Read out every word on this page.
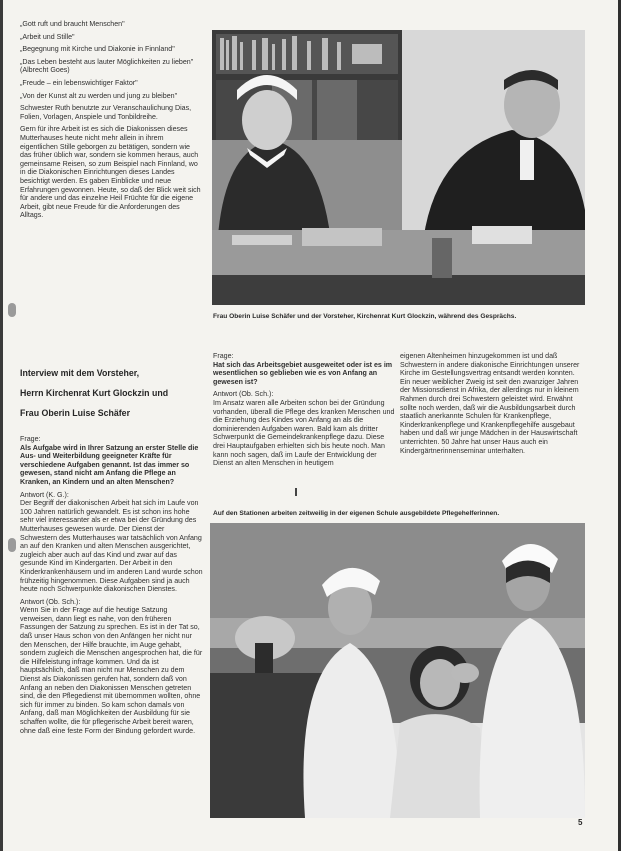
„Gott ruft und braucht Menschen"

„Arbeit und Stille"

„Begegnung mit Kirche und Diakonie in Finnland"

„Das Leben besteht aus lauter Möglichkeiten zu lieben" (Albrecht Goes)

„Freude – ein lebenswichtiger Faktor"

„Von der Kunst alt zu werden und jung zu bleiben"

Schwester Ruth benutzte zur Veranschaulichung Dias, Folien, Vorlagen, Anspiele und Tonbildreihe.

Gern für ihre Arbeit ist es sich die Diakonissen dieses Mutterhauses heute nicht mehr allein in ihrem eigentlichen Stille geborgen zu betätigen, sondern wie das früher üblich war, sondern sie kommen heraus, auch gemeinsame Reisen, so zum Beispiel nach Finnland, wo in die Diakonischen Einrichtungen dieses Landes besichtigt werden. Es gaben Einblicke und neue Erfahrungen gewonnen. Heute, so daß der Blick weit sich für andere und das einzelne Heil Früchte für die eigene Arbeit, gibt neue Freude für die Anforderungen des Alltags.

Interview mit dem Vorsteher,
Herrn Kirchenrat Kurt Glockzin und
Frau Oberin Luise Schäfer

Frage:

Als Aufgabe wird in Ihrer Satzung an erster Stelle die Aus- und Weiterbildung geeigneter Kräfte für verschiedene Aufgaben genannt. Ist das immer so gewesen, stand nicht am Anfang die Pflege an Kranken, an Kindern und an alten Menschen?

Antwort (K. G.):

Der Begriff der diakonischen Arbeit hat sich im Laufe von 100 Jahren natürlich gewandelt. Es ist schon ins hohe sehr viel interessanter als er etwa bei der Gründung des Mutterhauses gewesen wurde. Der Dienst der Schwestern des Mutterhauses war tatsächlich von Anfang an auf den Kranken und alten Menschen ausgerichtet, zugleich aber auch auf das Kind und zwar auf das gesunde Kind im Kindergarten. Der Arbeit in den Kinderkrankenhäusern und im anderen Land wurde schon frühzeitig hingenommen. Diese Aufgaben sind ja auch heute noch Schwerpunkte diakonischen Dienstes.

Antwort (Ob. Sch.):

Wenn Sie in der Frage auf die heutige Satzung verweisen, dann liegt es nahe, von den früheren Fassungen der Satzung zu sprechen. Es ist in der Tat so, daß unser Haus schon von den Anfängen her nicht nur den Menschen, der Hilfe brauchte, im Auge gehabt, sondern zugleich die Menschen angesprochen hat, die für die Hilfeleistung infrage kommen. Und da ist hauptsächlich, daß man nicht nur Menschen zu dem Dienst als Diakonissen gerufen hat, sondern daß von Anfang an neben den Diakonissen Menschen getreten sind, die den Pflegedienst mit übernommen wollten, ohne sich für immer zu binden. So kam schon damals von Anfang, daß man Möglichkeiten der Ausbildung für sie schaffen wollte, die für pflegerische Arbeit bereit waren, ohne daß eine feste Form der Bindung gefordert wurde.

Frau Oberin Luise Schäfer und der Vorsteher, Kirchenrat Kurt Glockzin, während des Gesprächs.

Frage:

Hat sich das Arbeitsgebiet ausgeweitet oder ist es im wesentlichen so geblieben wie es von Anfang an gewesen ist?

Antwort (Ob. Sch.):

Im Ansatz waren alle Arbeiten schon bei der Gründung vorhanden, überall die Pflege des kranken Menschen und die Erziehung des Kindes von Anfang an als die dominierenden Aufgaben waren. Bald kam als dritter Schwerpunkt die Gemeindekrankenpflege dazu. Diese drei Hauptaufgaben erhielten sich bis heute noch. Man kann noch sagen, daß im Laufe der Entwicklung der Dienst an alten Menschen in heutigem

eigenen Altenheimen hinzugekommen ist und daß Schwestern in andere diakonische Einrichtungen unserer Kirche im Gestellungsvertrag entsandt werden konnten. Ein neuer weiblicher Zweig ist seit den zwanziger Jahren der Missionsdienst in Afrika, der allerdings nur in kleinem Rahmen durch drei Schwestern geleistet wird. Erwähnt sollte noch werden, daß wir die Ausbildungsarbeit durch staatlich anerkannte Schulen für Krankenpflege, Kinderkrankenpflege und Krankenpflegehilfe ausgebaut haben und daß wir junge Mädchen in der Hauswirtschaft unterrichten. 50 Jahre hat unser Haus auch ein Kindergärtnerinnenseminar unterhalten.

Auf den Stationen arbeiten zeitweilig in der eigenen Schule ausgebildete Pflegehelferinnen.
5
